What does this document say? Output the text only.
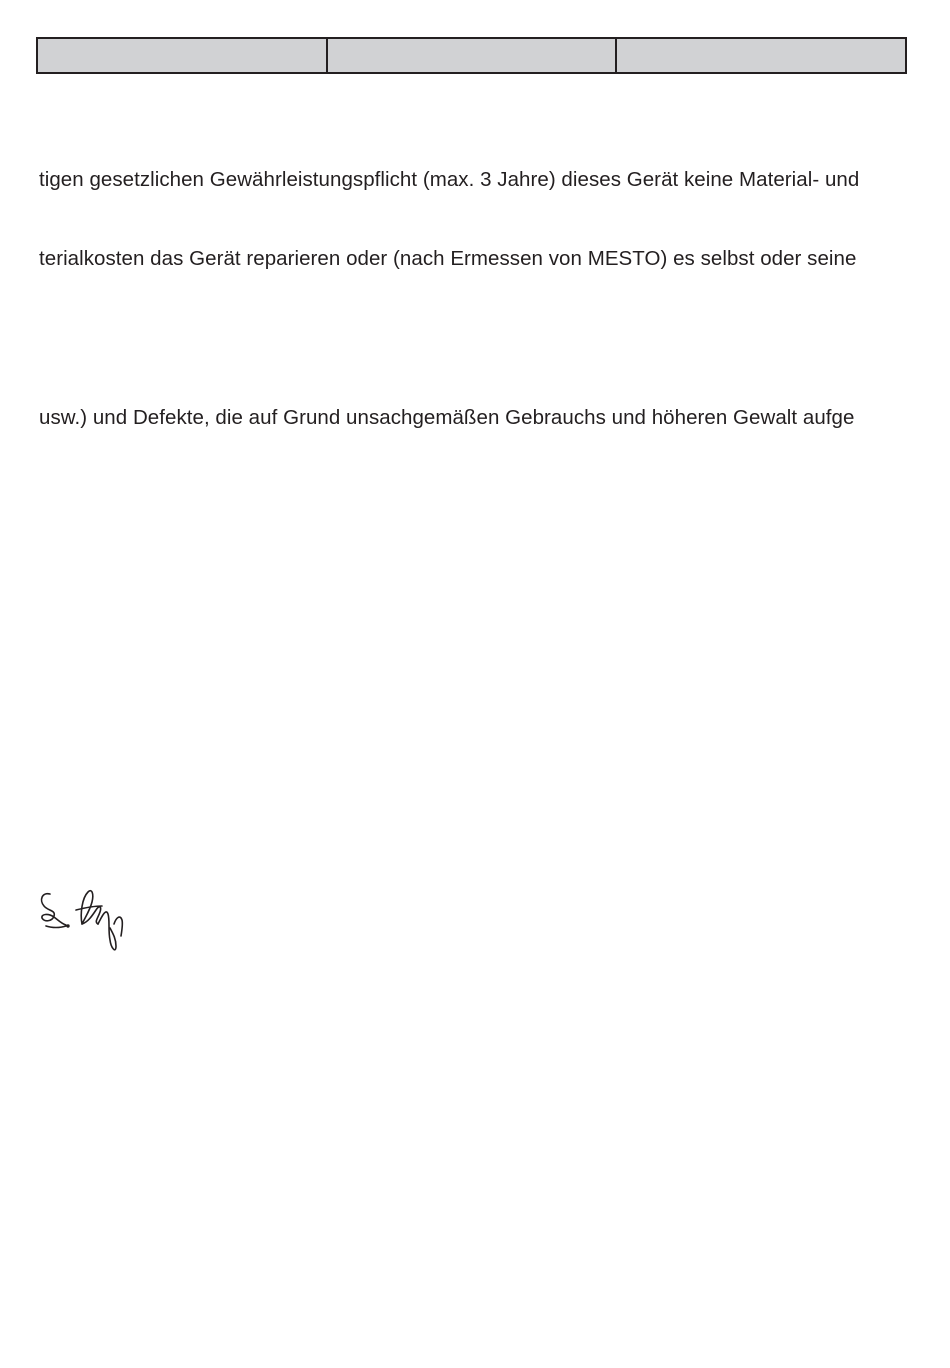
tigen gesetzlichen Gewährleistungspflicht (max. 3 Jahre) dieses Gerät keine Material- und
terialkosten das Gerät reparieren oder (nach Ermessen von MESTO) es selbst oder seine
usw.) und Defekte, die auf Grund unsachgemäßen Gebrauchs und höheren Gewalt aufge
